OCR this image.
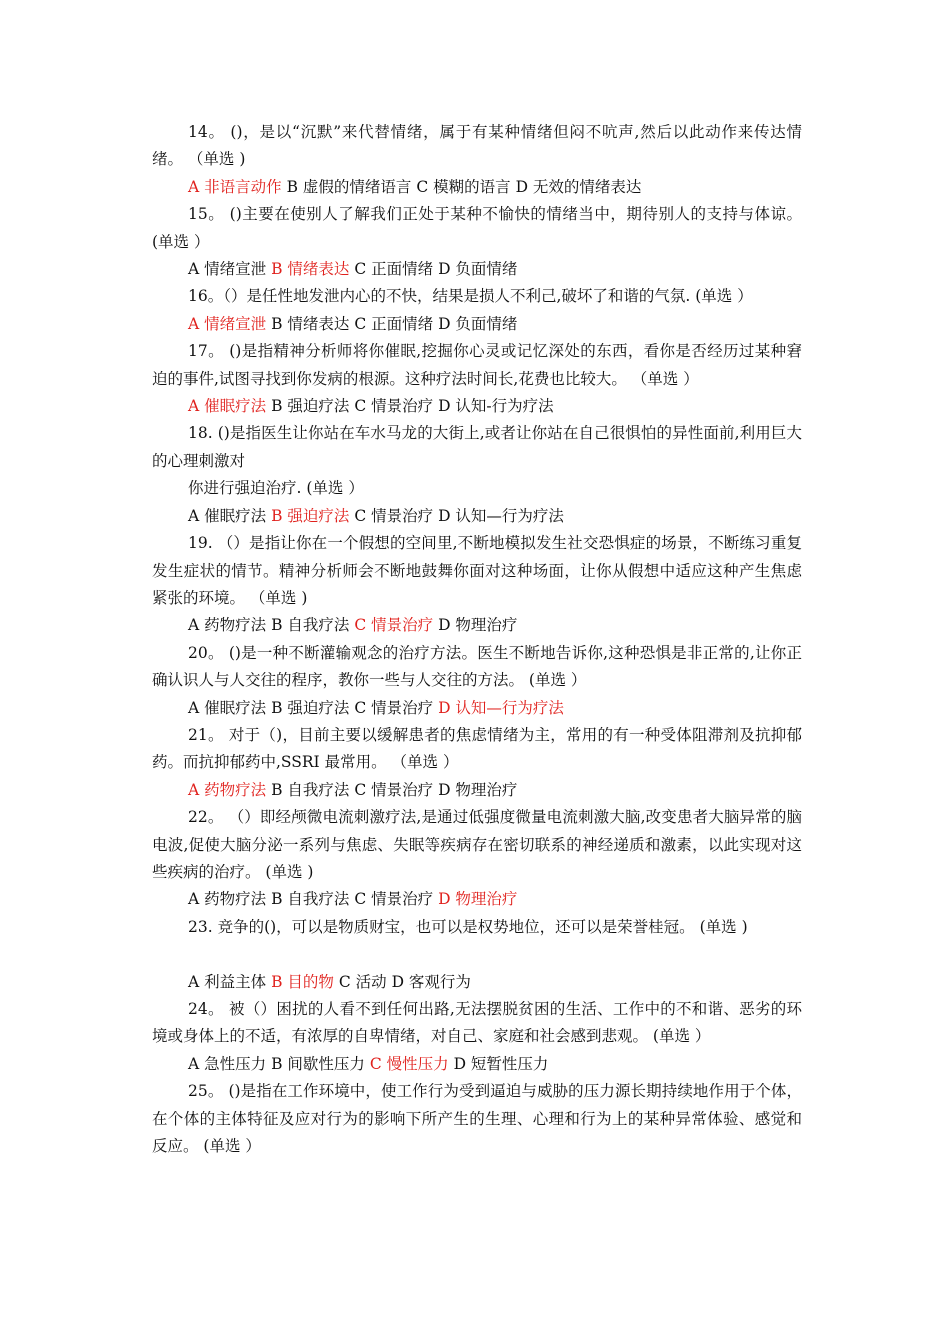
14。 ()，是以“沉默”来代替情绪，属于有某种情绪但闷不吭声,然后以此动作来传达情绪。 （单选 )

A 非语言动作 B 虚假的情绪语言 C 模糊的语言 D 无效的情绪表达

15。 ()主要在使别人了解我们正处于某种不愉快的情绪当中，期待别人的支持与体谅。 (单选 ）

A 情绪宣泄 B 情绪表达 C 正面情绪 D 负面情绪

16。（）是任性地发泄内心的不快，结果是损人不利己,破坏了和谐的气氛. (单选 ）

A 情绪宣泄 B 情绪表达 C 正面情绪 D 负面情绪

17。 ()是指精神分析师将你催眠,挖掘你心灵或记忆深处的东西，看你是否经历过某种窘迫的事件,试图寻找到你发病的根源。这种疗法时间长,花费也比较大。 （单选 ）

A 催眠疗法 B 强迫疗法 C 情景治疗 D 认知-行为疗法

18. ()是指医生让你站在车水马龙的大街上,或者让你站在自己很惧怕的异性面前,利用巨大的心理刺激对

你进行强迫治疗. (单选 ）

A 催眠疗法 B 强迫疗法 C 情景治疗 D 认知—行为疗法

19. （）是指让你在一个假想的空间里,不断地模拟发生社交恐惧症的场景，不断练习重复发生症状的情节。精神分析师会不断地鼓舞你面对这种场面，让你从假想中适应这种产生焦虑紧张的环境。 （单选 )

A 药物疗法 B 自我疗法 C 情景治疗 D 物理治疗

20。 ()是一种不断灌输观念的治疗方法。医生不断地告诉你,这种恐惧是非正常的,让你正确认识人与人交往的程序，教你一些与人交往的方法。 (单选 ）

A 催眠疗法 B 强迫疗法 C 情景治疗 D 认知—行为疗法

21。 对于（)，目前主要以缓解患者的焦虑情绪为主，常用的有一种受体阻滞剂及抗抑郁药。而抗抑郁药中,SSRI 最常用。 （单选 ）

A 药物疗法 B 自我疗法 C 情景治疗 D 物理治疗

22。 （）即经颅微电流刺激疗法,是通过低强度微量电流刺激大脑,改变患者大脑异常的脑电波,促使大脑分泌一系列与焦虑、失眠等疾病存在密切联系的神经递质和激素，以此实现对这些疾病的治疗。 (单选 )

A 药物疗法 B 自我疗法 C 情景治疗 D 物理治疗

23. 竞争的()，可以是物质财宝，也可以是权势地位，还可以是荣誉桂冠。 (单选 )

A 利益主体 B 目的物 C 活动 D 客观行为

24。 被（）困扰的人看不到任何出路,无法摆脱贫困的生活、工作中的不和谐、恶劣的环境或身体上的不适，有浓厚的自卑情绪，对自己、家庭和社会感到悲观。 (单选 ）

A 急性压力 B 间歇性压力 C 慢性压力 D 短暂性压力

25。 ()是指在工作环境中，使工作行为受到逼迫与威胁的压力源长期持续地作用于个体，在个体的主体特征及应对行为的影响下所产生的生理、心理和行为上的某种异常体验、感觉和反应。 (单选 ）
